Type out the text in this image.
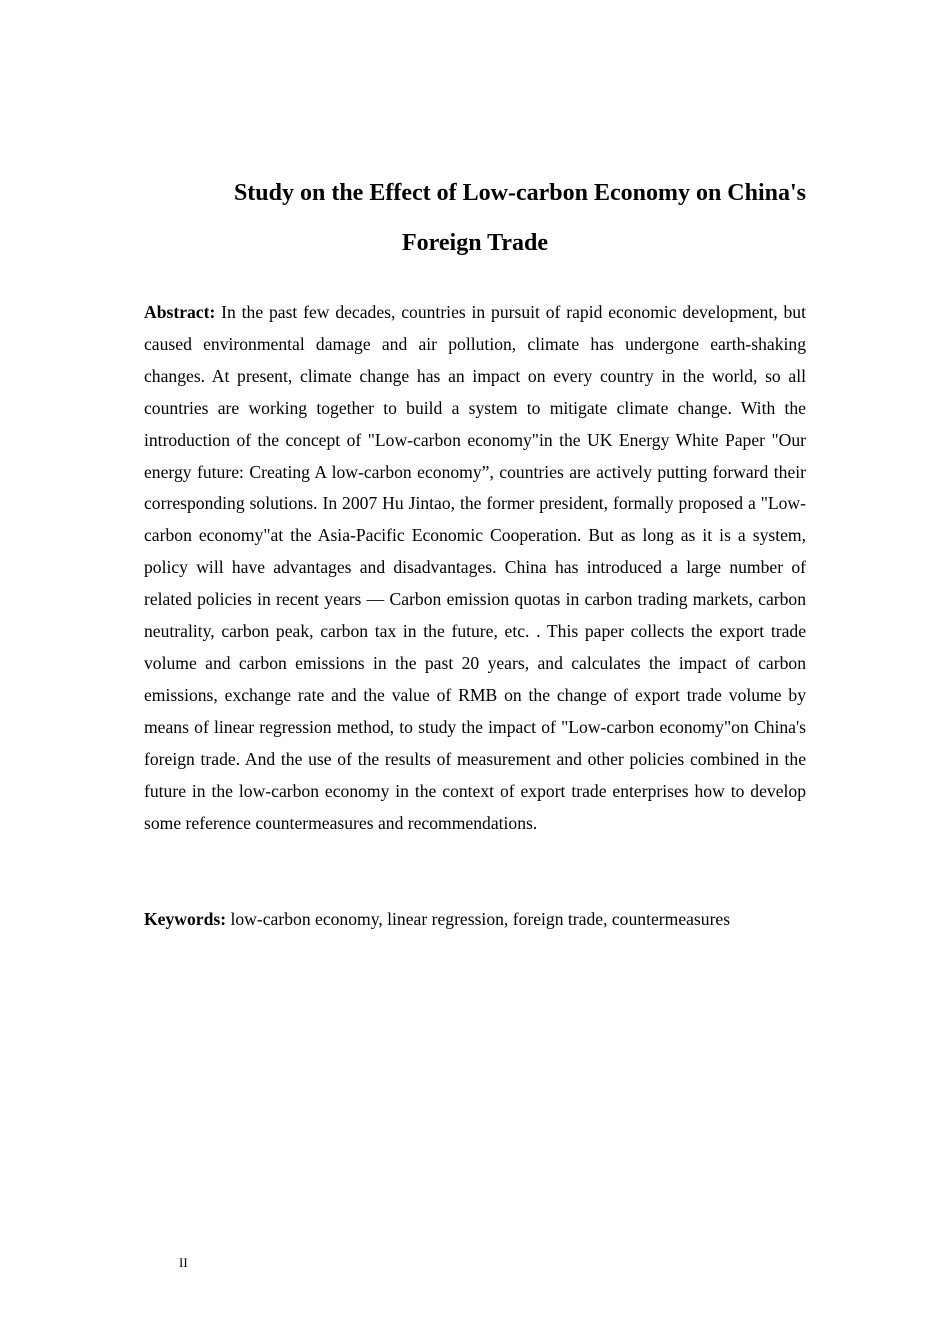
Study on the Effect of Low-carbon Economy on China's

Foreign Trade

Abstract: In the past few decades, countries in pursuit of rapid economic development, but caused environmental damage and air pollution, climate has undergone earth-shaking changes. At present, climate change has an impact on every country in the world, so all countries are working together to build a system to mitigate climate change. With the introduction of the concept of "Low-carbon economy"in the UK Energy White Paper "Our energy future: Creating A low-carbon economy”, countries are actively putting forward their corresponding solutions. In 2007 Hu Jintao, the former president, formally proposed a "Low-carbon economy"at the Asia-Pacific Economic Cooperation. But as long as it is a system, policy will have advantages and disadvantages. China has introduced a large number of related policies in recent years — Carbon emission quotas in carbon trading markets, carbon neutrality, carbon peak, carbon tax in the future, etc. . This paper collects the export trade volume and carbon emissions in the past 20 years, and calculates the impact of carbon emissions, exchange rate and the value of RMB on the change of export trade volume by means of linear regression method, to study the impact of "Low-carbon economy"on China's foreign trade. And the use of the results of measurement and other policies combined in the future in the low-carbon economy in the context of export trade enterprises how to develop some reference countermeasures and recommendations.

Keywords: low-carbon economy, linear regression, foreign trade, countermeasures

II
